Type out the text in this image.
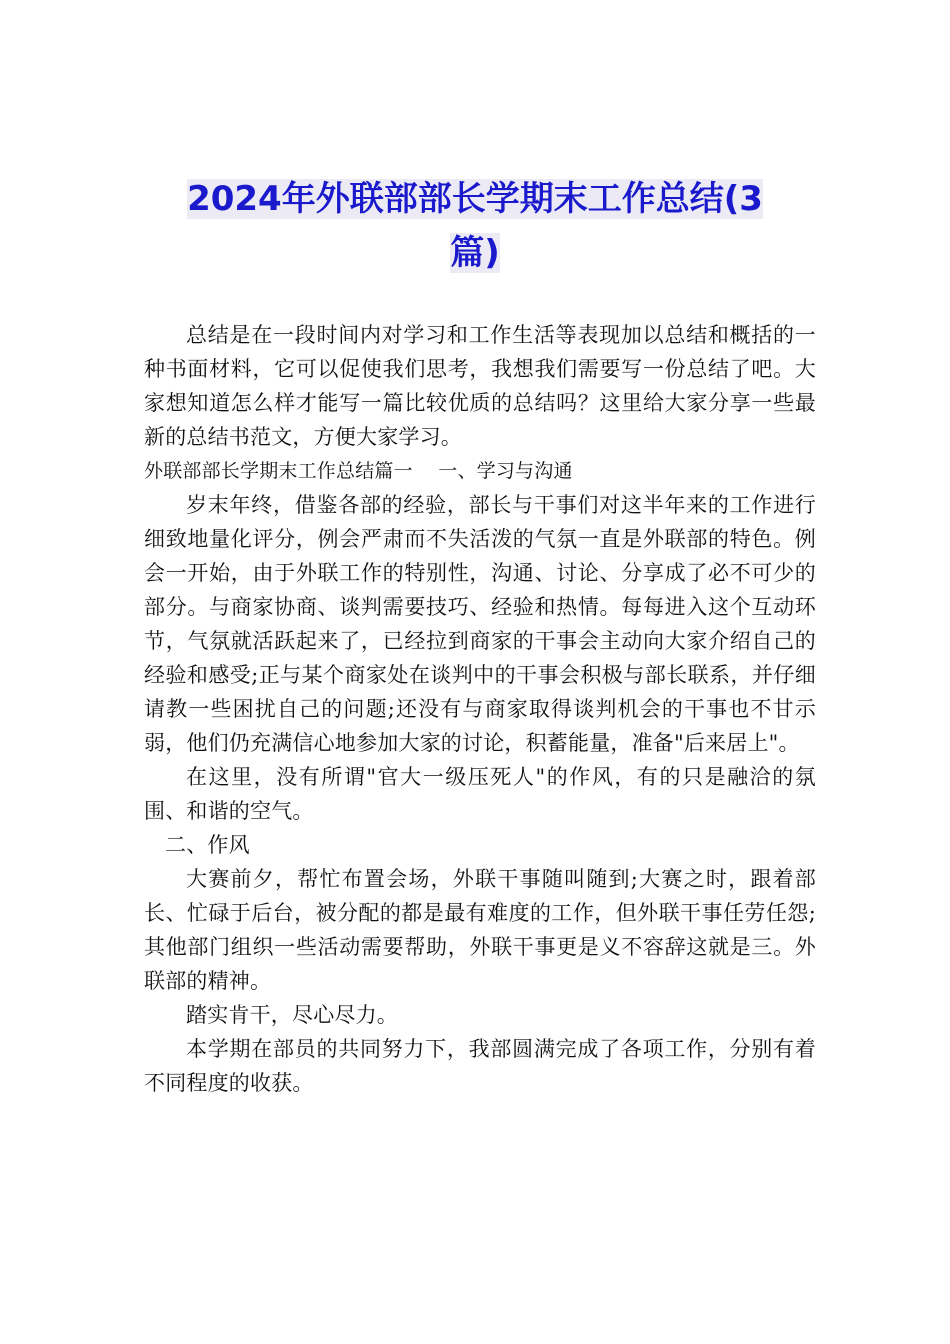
2024年外联部部长学期末工作总结(3
篇)

总结是在一段时间内对学习和工作生活等表现加以总结和概括的一种书面材料，它可以促使我们思考，我想我们需要写一份总结了吧。大家想知道怎么样才能写一篇比较优质的总结吗？这里给大家分享一些最新的总结书范文，方便大家学习。

外联部部长学期末工作总结篇一　 一、学习与沟通

岁末年终，借鉴各部的经验，部长与干事们对这半年来的工作进行细致地量化评分，例会严肃而不失活泼的气氛一直是外联部的特色。例会一开始，由于外联工作的特别性，沟通、讨论、分享成了必不可少的部分。与商家协商、谈判需要技巧、经验和热情。每每进入这个互动环节，气氛就活跃起来了，已经拉到商家的干事会主动向大家介绍自己的经验和感受;正与某个商家处在谈判中的干事会积极与部长联系，并仔细请教一些困扰自己的问题;还没有与商家取得谈判机会的干事也不甘示弱，他们仍充满信心地参加大家的讨论，积蓄能量，准备"后来居上"。

在这里，没有所谓"官大一级压死人"的作风，有的只是融洽的氛围、和谐的空气。

二、作风

大赛前夕，帮忙布置会场，外联干事随叫随到;大赛之时，跟着部长、忙碌于后台，被分配的都是最有难度的工作，但外联干事任劳任怨;其他部门组织一些活动需要帮助，外联干事更是义不容辞这就是三。外联部的精神。

踏实肯干，尽心尽力。

本学期在部员的共同努力下，我部圆满完成了各项工作，分别有着不同程度的收获。
